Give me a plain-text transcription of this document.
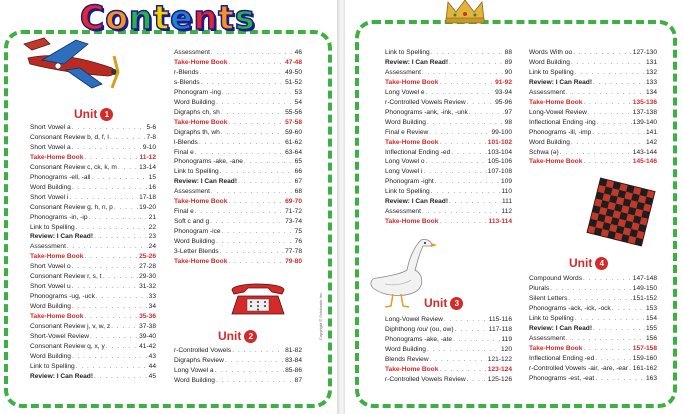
C o n t e n t s
Unit 1
Short Vowel a . . .	5-6
Consonant Review b, d, f, l . . .	7-8
Short Vowel a . . .	9-10
Take-Home Book . . .	11-12
Consonant Review c, ck, k, m . . .	13-14
Phonograms -ell, -all . . .	15
Word Building . . .	16
Short Vowel i . . .	17-18
Consonant Review g, h, n, p . . .	19-20
Phonograms -in, -ip . . .	21
Link to Spelling . . .	22
Review: I Can Read! . . .	23
Assessment . . .	24
Take-Home Book . . .	25-26
Short Vowel o . . .	27-28
Consonant Review r, s, t . . .	29-30
Short Vowel u . . .	31-32
Phonograms -ug, -uck . . .	33
Word Building . . .	34
Take-Home Book . . .	35-36
Consonant Review j, v, w, z . . .	37-38
Short-Vowel Review . . .	39-40
Consonant Review q, x, y . . .	41-42
Word Building . . .	43
Link to Spelling . . .	44
Review: I Can Read! . . .	45
Assessment . . .	46
Take-Home Book . . .	47-48
r-Blends . . .	49-50
s-Blends . . .	51-52
Phonogram -ing . . .	53
Word Building . . .	54
Digraphs ch, sh . . .	55-56
Take-Home Book . . .	57-58
Digraphs th, wh . . .	59-60
l-Blends . . .	61-62
Final e . . .	63-64
Phonograms -ake, -ane . . .	65
Link to Spelling . . .	66
Review: I Can Read! . . .	67
Assessment . . .	68
Take-Home Book . . .	69-70
Final e . . .	71-72
Soft c and g . . .	73-74
Phonogram -ice . . .	75
Word Building . . .	76
3-Letter Blends . . .	77-78
Take-Home Book . . .	79-80
Unit 2
r-Controlled Vowels . . .	81-82
Digraphs Review . . .	83-84
Long Vowel a . . .	85-86
Word Building . . .	87
Copyright © Scholastic Inc.
Link to Spelling . . .	88
Review: I Can Read! . . .	89
Assessment . . .	90
Take-Home Book . . .	91-92
Long Vowel e . . .	93-94
r-Controlled Vowels Review . . .	95-96
Phonograms -ank, -ink, -unk . . .	97
Word Building . . .	98
Final e Review . . .	99-100
Take-Home Book . . .	101-102
Inflectional Ending -ed . . .	103-104
Long Vowel o . . .	105-106
Long Vowel i . . .	107-108
Phonogram -ight . . .	109
Link to Spelling . . .	110
Review: I Can Read! . . .	111
Assessment . . .	112
Take-Home Book . . .	113-114
Unit 3
Long-Vowel Review . . .	115-116
Diphthong /ou/ (ou, ow) . . .	117-118
Phonograms -ake, -ate . . .	119
Word Building . . .	120
Blends Review . . .	121-122
Take-Home Book . . .	123-124
r-Controlled Vowels Review . . .	125-126
Words With oo . . .	127-130
Word Building . . .	131
Link to Spelling . . .	132
Review: I Can Read! . . .	133
Assessment . . .	134
Take-Home Book . . .	135-136
Long-Vowel Review . . .	137-138
Inflectional Ending -ing . . .	139-140
Phonograms -ill, -imp . . .	141
Word Building . . .	142
Schwa (ə) . . .	143-144
Take-Home Book . . .	145-146
Unit 4
Compound Words . . .	147-148
Plurals . . .	149-150
Silent Letters . . .	151-152
Phonograms -ack, -ick, -ock . . .	153
Link to Spelling . . .	154
Review: I Can Read! . . .	155
Assessment . . .	156
Take-Home Book . . .	157-158
Inflectional Ending -ed . . .	159-160
r-Controlled Vowels -air, -are, -ear . . . 161-162
Phonograms -est, -eat . . .	163
